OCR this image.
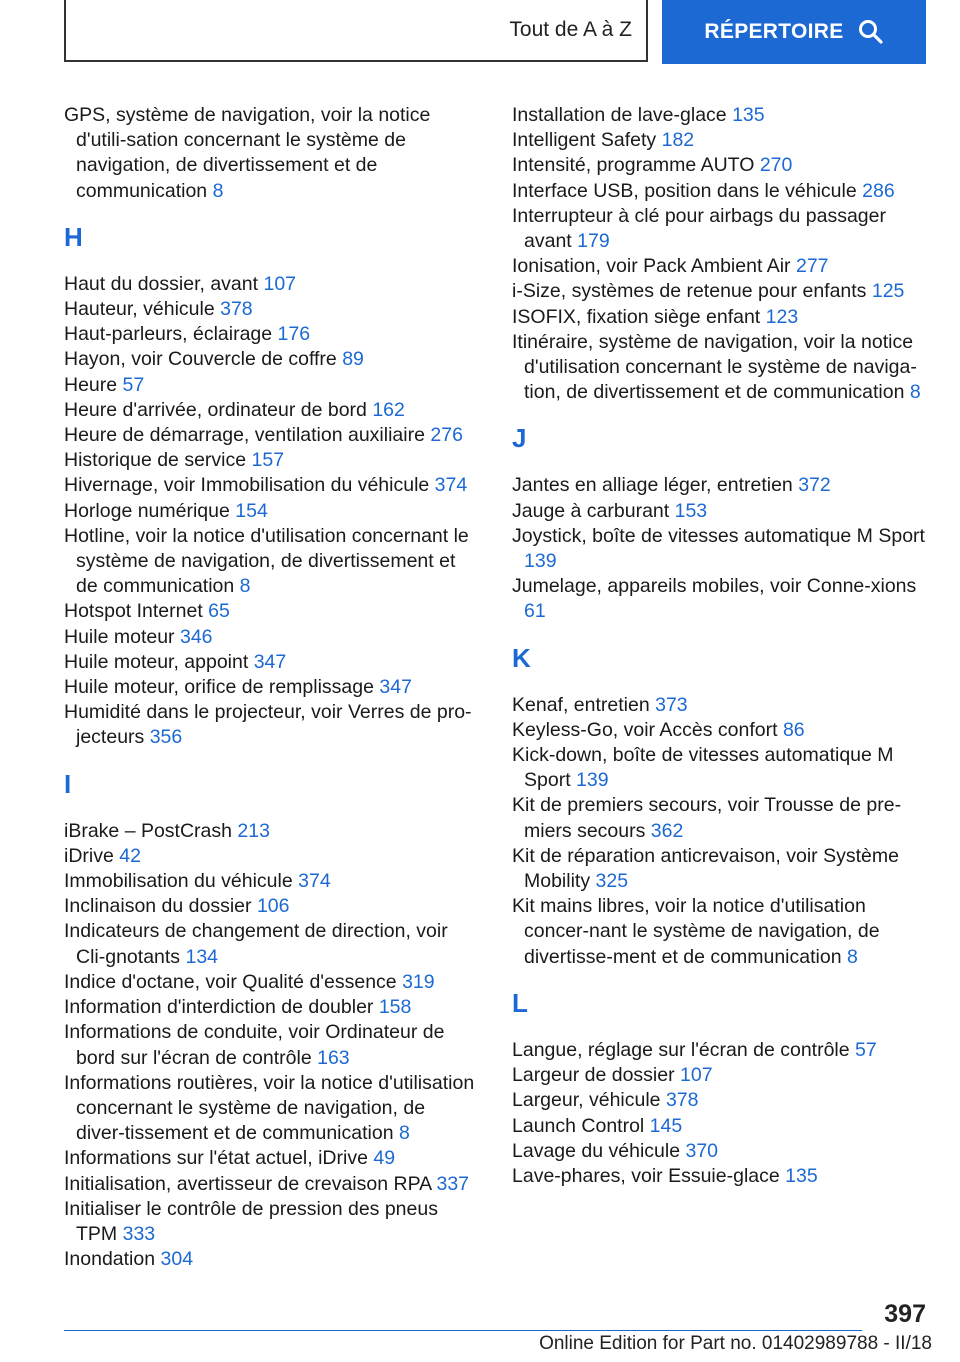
Tout de A à Z	RÉPERTOIRE

GPS, système de navigation, voir la notice d'utili-sation concernant le système de navigation, de divertissement et de communication 8

H

Haut du dossier, avant 107

Hauteur, véhicule 378

Haut-parleurs, éclairage 176

Hayon, voir Couvercle de coffre 89

Heure 57

Heure d'arrivée, ordinateur de bord 162

Heure de démarrage, ventilation auxiliaire 276

Historique de service 157

Hivernage, voir Immobilisation du véhicule 374

Horloge numérique 154

Hotline, voir la notice d'utilisation concernant le système de navigation, de divertissement et de communication 8

Hotspot Internet 65

Huile moteur 346

Huile moteur, appoint 347

Huile moteur, orifice de remplissage 347

Humidité dans le projecteur, voir Verres de pro-jecteurs 356

I

iBrake – PostCrash 213

iDrive 42

Immobilisation du véhicule 374

Inclinaison du dossier 106

Indicateurs de changement de direction, voir Cli-gnotants 134

Indice d'octane, voir Qualité d'essence 319

Information d'interdiction de doubler 158

Informations de conduite, voir Ordinateur de bord sur l'écran de contrôle 163

Informations routières, voir la notice d'utilisation concernant le système de navigation, de diver-tissement et de communication 8

Informations sur l'état actuel, iDrive 49

Initialisation, avertisseur de crevaison RPA 337

Initialiser le contrôle de pression des pneus TPM 333

Inondation 304

Installation de lave-glace 135

Intelligent Safety 182

Intensité, programme AUTO 270

Interface USB, position dans le véhicule 286

Interrupteur à clé pour airbags du passager avant 179

Ionisation, voir Pack Ambient Air 277

i-Size, systèmes de retenue pour enfants 125

ISOFIX, fixation siège enfant 123

Itinéraire, système de navigation, voir la notice d'utilisation concernant le système de naviga-tion, de divertissement et de communication 8

J

Jantes en alliage léger, entretien 372

Jauge à carburant 153

Joystick, boîte de vitesses automatique M Sport 139

Jumelage, appareils mobiles, voir Conne-xions 61

K

Kenaf, entretien 373

Keyless-Go, voir Accès confort 86

Kick-down, boîte de vitesses automatique M Sport 139

Kit de premiers secours, voir Trousse de pre-miers secours 362

Kit de réparation anticrevaison, voir Système Mobility 325

Kit mains libres, voir la notice d'utilisation concer-nant le système de navigation, de divertisse-ment et de communication 8

L

Langue, réglage sur l'écran de contrôle 57

Largeur de dossier 107

Largeur, véhicule 378

Launch Control 145

Lavage du véhicule 370

Lave-phares, voir Essuie-glace 135

397
Online Edition for Part no. 01402989788 - II/18
